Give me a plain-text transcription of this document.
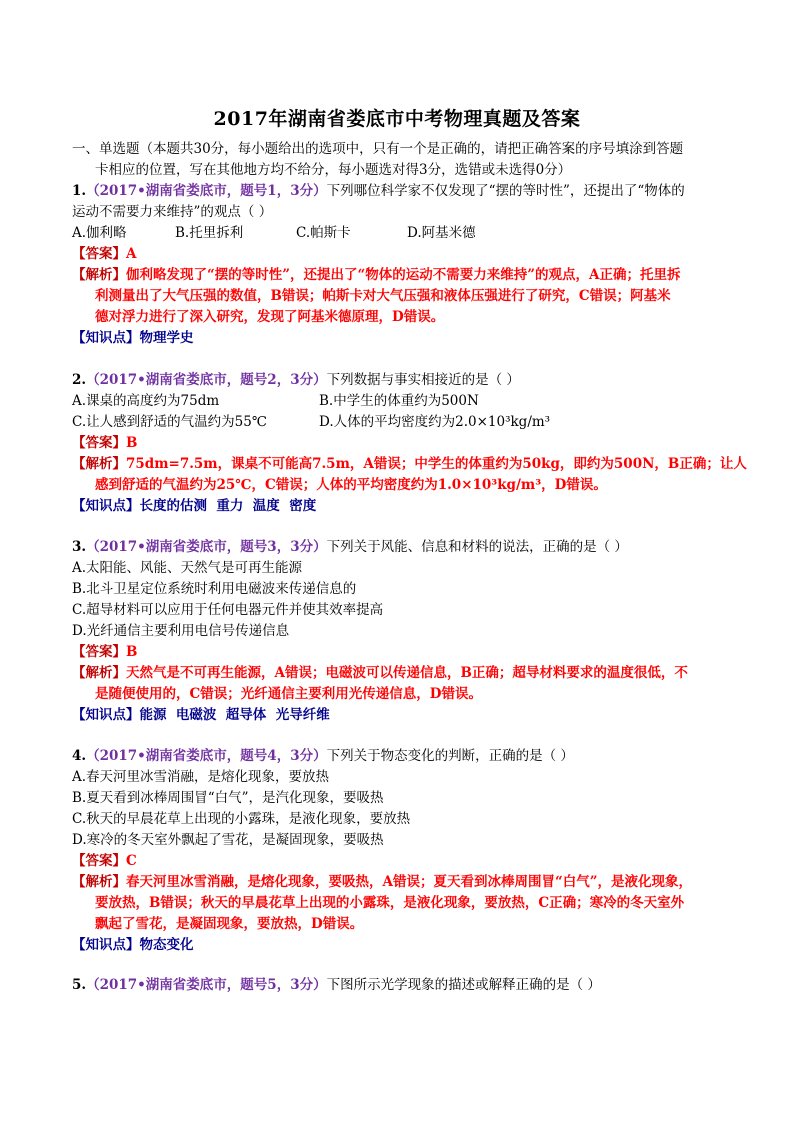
2017年湖南省娄底市中考物理真题及答案
一、单选题（本题共30分，每小题给出的选项中，只有一个是正确的，请把正确答案的序号填涂到答题
卡相应的位置，写在其他地方均不给分，每小题选对得3分，选错或未选得0分）
1.（2017•湖南省娄底市，题号1，3分）下列哪位科学家不仅发现了“摆的等时性”，还提出了“物体的
运动不需要力来维持”的观点（ ）
A.伽利略	B.托里拆利	C.帕斯卡	D.阿基米德
【答案】A
【解析】伽利略发现了“摆的等时性”，还提出了“物体的运动不需要力来维持”的观点，A正确；托里拆
利测量出了大气压强的数值，B错误；帕斯卡对大气压强和液体压强进行了研究，C错误；阿基米
德对浮力进行了深入研究，发现了阿基米德原理，D错误。
【知识点】物理学史
2.（2017•湖南省娄底市，题号2，3分）下列数据与事实相接近的是（ ）
A.课桌的高度约为75dm	B.中学生的体重约为500N
C.让人感到舒适的气温约为55℃	D.人体的平均密度约为2.0×10³kg/m³
【答案】B
【解析】75dm=7.5m，课桌不可能高7.5m，A错误；中学生的体重约为50kg，即约为500N，B正确；让人
感到舒适的气温约为25℃，C错误；人体的平均密度约为1.0×10³kg/m³，D错误。
【知识点】长度的估测  重力  温度  密度
3.（2017•湖南省娄底市，题号3，3分）下列关于风能、信息和材料的说法，正确的是（ ）
A.太阳能、风能、天然气是可再生能源
B.北斗卫星定位系统时利用电磁波来传递信息的
C.超导材料可以应用于任何电器元件并使其效率提高
D.光纤通信主要利用电信号传递信息
【答案】B
【解析】天然气是不可再生能源，A错误；电磁波可以传递信息，B正确；超导材料要求的温度很低，不
是随便使用的，C错误；光纤通信主要利用光传递信息，D错误。
【知识点】能源  电磁波  超导体  光导纤维
4.（2017•湖南省娄底市，题号4，3分）下列关于物态变化的判断，正确的是（ ）
A.春天河里冰雪消融，是熔化现象，要放热
B.夏天看到冰棒周围冒“白气”，是汽化现象，要吸热
C.秋天的早晨花草上出现的小露珠，是液化现象，要放热
D.寒冷的冬天室外飘起了雪花，是凝固现象，要吸热
【答案】C
【解析】春天河里冰雪消融，是熔化现象，要吸热，A错误；夏天看到冰棒周围冒“白气”，是液化现象，
要放热，B错误；秋天的早晨花草上出现的小露珠，是液化现象，要放热，C正确；寒冷的冬天室外
飘起了雪花，是凝固现象，要放热，D错误。
【知识点】物态变化
5.（2017•湖南省娄底市，题号5，3分）下图所示光学现象的描述或解释正确的是（ ）
